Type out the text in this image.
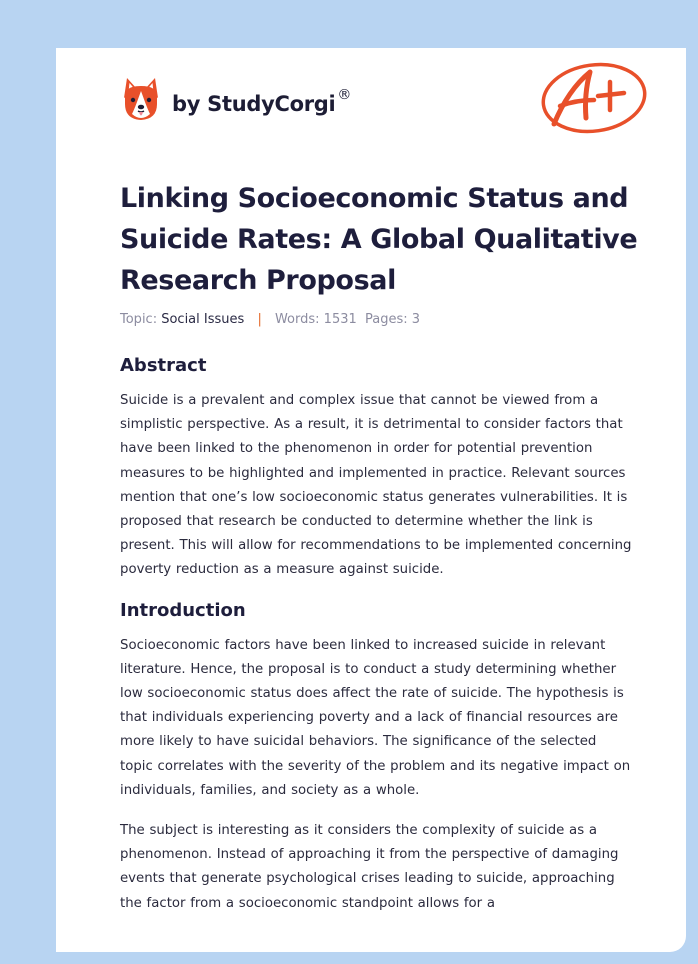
by StudyCorgi ®
Linking Socioeconomic Status and Suicide Rates: A Global Qualitative Research Proposal
Topic: Social Issues | Words: 1531 Pages: 3
Abstract

Suicide is a prevalent and complex issue that cannot be viewed from a simplistic perspective. As a result, it is detrimental to consider factors that have been linked to the phenomenon in order for potential prevention measures to be highlighted and implemented in practice. Relevant sources mention that one’s low socioeconomic status generates vulnerabilities. It is proposed that research be conducted to determine whether the link is present. This will allow for recommendations to be implemented concerning poverty reduction as a measure against suicide.

Introduction

Socioeconomic factors have been linked to increased suicide in relevant literature. Hence, the proposal is to conduct a study determining whether low socioeconomic status does affect the rate of suicide. The hypothesis is that individuals experiencing poverty and a lack of financial resources are more likely to have suicidal behaviors. The significance of the selected topic correlates with the severity of the problem and its negative impact on individuals, families, and society as a whole.

The subject is interesting as it considers the complexity of suicide as a phenomenon. Instead of approaching it from the perspective of damaging events that generate psychological crises leading to suicide, approaching the factor from a socioeconomic standpoint allows for a
